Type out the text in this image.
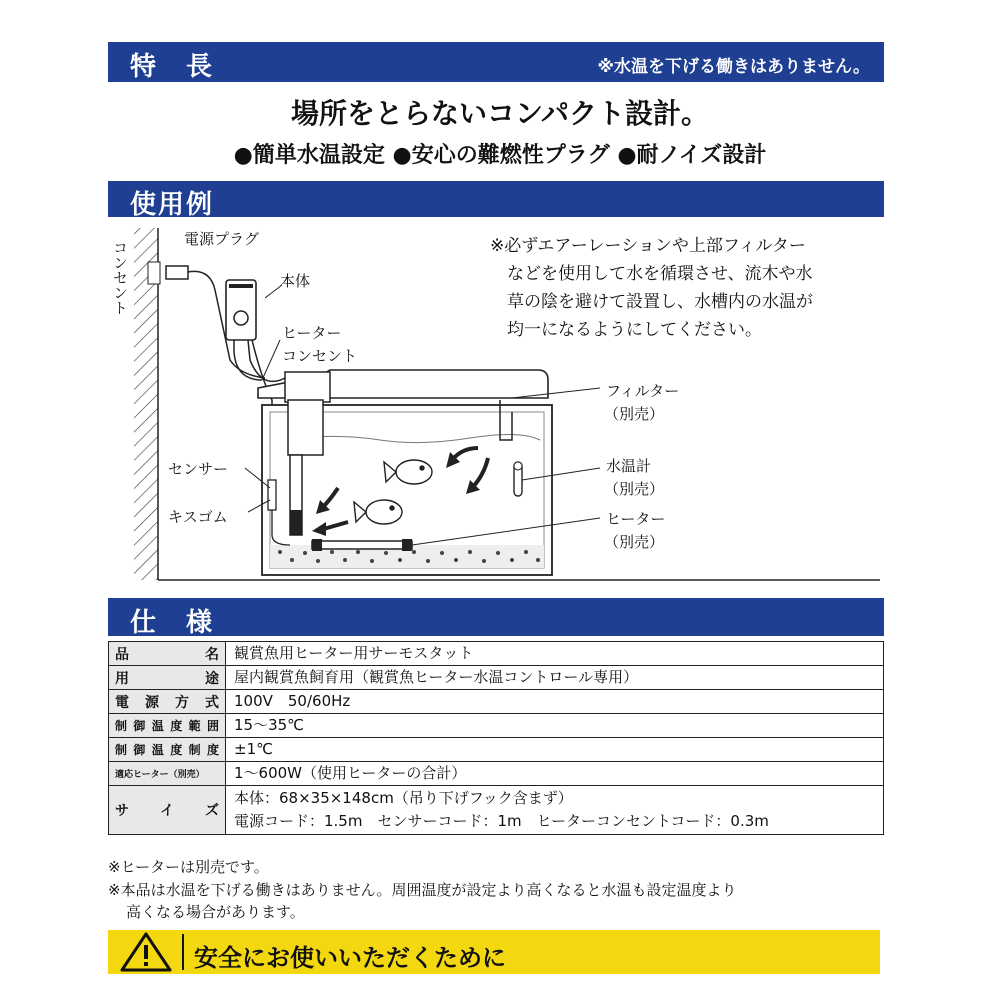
特　長	※水温を下げる働きはありません。
場所をとらないコンパクト設計。
●簡単水温設定 ●安心の難燃性プラグ ●耐ノイズ設計
使用例
コンセント
電源プラグ
本体
ヒーター
コンセント
センサー
キスゴム
フィルター
（別売）
水温計
（別売）
ヒーター
（別売）
※必ずエアーレーションや上部フィルター
などを使用して水を循環させ、流木や水
草の陰を避けて設置し、水槽内の水温が
均一になるようにしてください。
仕　様
品　　名	観賞魚用ヒーター用サーモスタット
用　　途	屋内観賞魚飼育用（観賞魚ヒーター水温コントロール専用）
電源方式	100V　50/60Hz
制御温度範囲	15～35℃
制御温度制度	±1℃
適応ヒーター（別売）	1～600W（使用ヒーターの合計）
サ イ ズ	本体：68×35×148cm（吊り下げフック含まず）
電源コード：1.5m　センサーコード：1m　ヒーターコンセントコード：0.3m
※ヒーターは別売です。
※本品は水温を下げる働きはありません。周囲温度が設定より高くなると水温も設定温度より
高くなる場合があります。
安全にお使いいただくために
